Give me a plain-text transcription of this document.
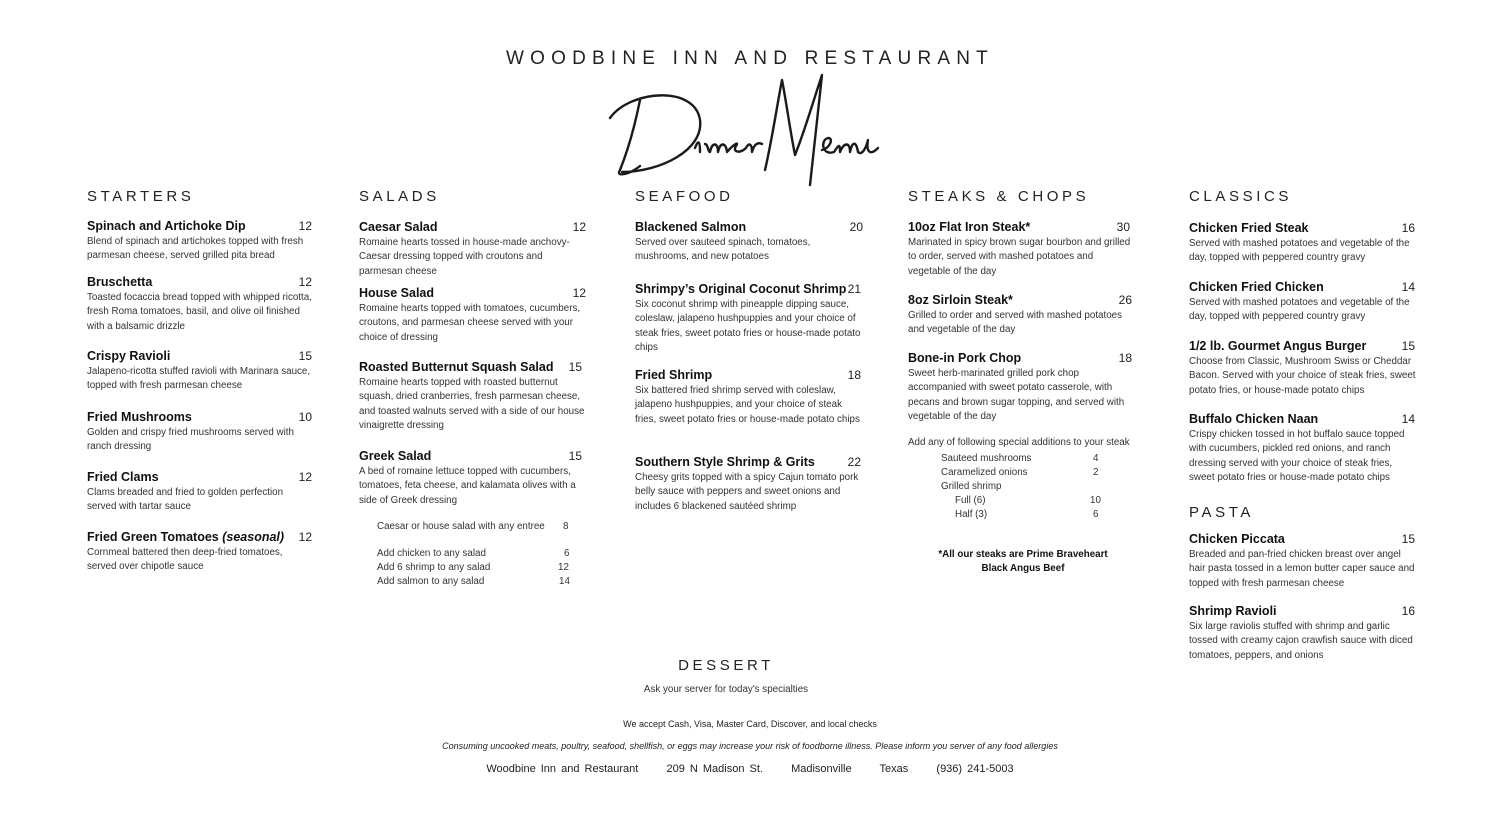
WOODBINE INN AND RESTAURANT
STARTERS
Spinach and Artichoke Dip	12
Blend of spinach and artichokes topped with fresh parmesan cheese, served grilled pita bread
Bruschetta	12
Toasted focaccia bread topped with whipped ricotta, fresh Roma tomatoes, basil, and olive oil finished with a balsamic drizzle
Crispy Ravioli	15
Jalapeno-ricotta stuffed ravioli with Marinara sauce, topped with fresh parmesan cheese
Fried Mushrooms	10
Golden and crispy fried mushrooms served with ranch dressing
Fried Clams	12
Clams breaded and fried to golden perfection served with tartar sauce
Fried Green Tomatoes (seasonal)	12
Cornmeal battered then deep-fried tomatoes, served over chipotle sauce
SALADS
Caesar Salad	12
Romaine hearts tossed in house-made anchovy-Caesar dressing topped with croutons and parmesan cheese
House Salad	12
Romaine hearts topped with tomatoes, cucumbers, croutons, and parmesan cheese served with your choice of dressing
Roasted Butternut Squash Salad	15
Romaine hearts topped with roasted butternut squash, dried cranberries, fresh parmesan cheese, and toasted walnuts served with a side of our house vinaigrette dressing
Greek Salad	15
A bed of romaine lettuce topped with cucumbers, tomatoes, feta cheese, and kalamata olives with a side of Greek dressing
Caesar or house salad with any entree 8
Add chicken to any salad	6
Add 6 shrimp to any salad	12
Add salmon to any salad	14
SEAFOOD
Blackened Salmon	20
Served over sauteed spinach, tomatoes, mushrooms, and new potatoes
Shrimpy’s Original Coconut Shrimp 21
Six coconut shrimp with pineapple dipping sauce, coleslaw, jalapeno hushpuppies and your choice of steak fries, sweet potato fries or house-made potato chips
Fried Shrimp	18
Six battered fried shrimp served with coleslaw, jalapeno hushpuppies, and your choice of steak fries, sweet potato fries or house-made potato chips
Southern Style Shrimp & Grits	22
Cheesy grits topped with a spicy Cajun tomato pork belly sauce with peppers and sweet onions and includes 6 blackened sautéed shrimp
STEAKS & CHOPS
10oz Flat Iron Steak*	30
Marinated in spicy brown sugar bourbon and grilled to order, served with mashed potatoes and vegetable of the day
8oz Sirloin Steak*	26
Grilled to order and served with mashed potatoes and vegetable of the day
Bone-in Pork Chop	18
Sweet herb-marinated grilled pork chop accompanied with sweet potato casserole, with pecans and brown sugar topping, and served with vegetable of the day
Add any of following special additions to your steak
Sauteed mushrooms	4
Caramelized onions	2
Grilled shrimp
Full (6)	10
Half (3)	6
*All our steaks are Prime Braveheart
Black Angus Beef
CLASSICS
Chicken Fried Steak	16
Served with mashed potatoes and vegetable of the day, topped with peppered country gravy
Chicken Fried Chicken	14
Served with mashed potatoes and vegetable of the day, topped with peppered country gravy
1/2 lb. Gourmet Angus Burger	15
Choose from Classic, Mushroom Swiss or Cheddar Bacon. Served with your choice of steak fries, sweet potato fries, or house-made potato chips
Buffalo Chicken Naan	14
Crispy chicken tossed in hot buffalo sauce topped with cucumbers, pickled red onions, and ranch dressing served with your choice of steak fries, sweet potato fries or house-made potato chips
PASTA
Chicken Piccata	15
Breaded and pan-fried chicken breast over angel hair pasta tossed in a lemon butter caper sauce and topped with fresh parmesan cheese
Shrimp Ravioli	16
Six large raviolis stuffed with shrimp and garlic tossed with creamy cajon crawfish sauce with diced tomatoes, peppers, and onions
DESSERT
Ask your server for today's specialties
We accept Cash, Visa, Master Card, Discover, and local checks
Consuming uncooked meats, poultry, seafood, shellfish, or eggs may increase your risk of foodborne illness. Please inform you server of any food allergies
Woodbine Inn and Restaurant	209 N Madison St.	Madisonville	Texas	(936) 241-5003
